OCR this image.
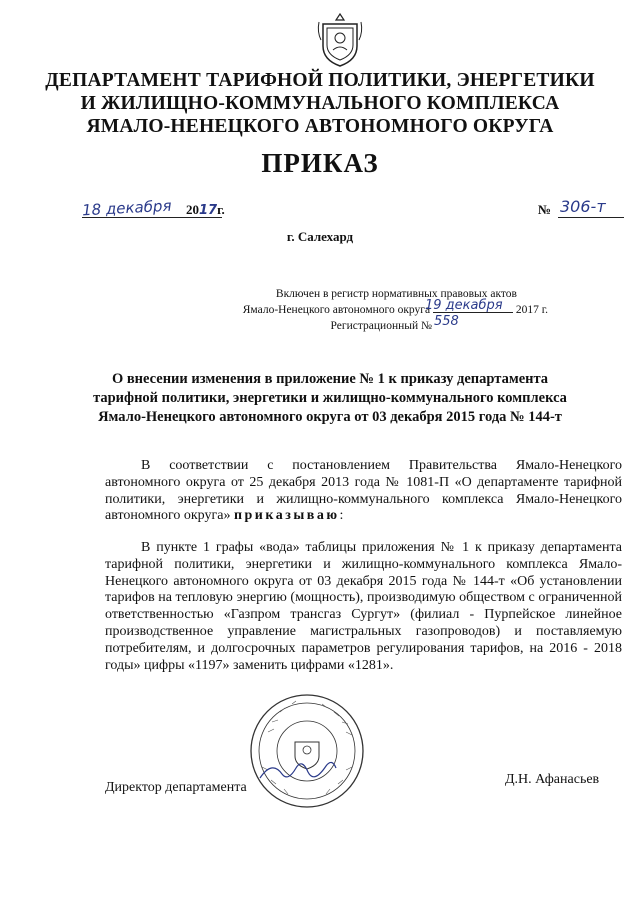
ДЕПАРТАМЕНТ ТАРИФНОЙ ПОЛИТИКИ, ЭНЕРГЕТИКИ
И ЖИЛИЩНО-КОММУНАЛЬНОГО КОМПЛЕКСА
ЯМАЛО-НЕНЕЦКОГО АВТОНОМНОГО ОКРУГА
ПРИКАЗ
18 декабря 2017г.	№ 306-т
г. Салехард
Включен в регистр нормативных правовых актов
Ямало-Ненецкого автономного округа	2017 г.
19 декабря
Регистрационный № 558
О внесении изменения в приложение № 1 к приказу департамента
тарифной политики, энергетики и жилищно-коммунального комплекса
Ямало-Ненецкого автономного округа от 03 декабря 2015 года № 144-т
В соответствии с постановлением Правительства Ямало-Ненецкого автономного округа от 25 декабря 2013 года № 1081-П «О департаменте тарифной политики, энергетики и жилищно-коммунального комплекса Ямало-Ненецкого автономного округа» приказываю:
В пункте 1 графы «вода» таблицы приложения № 1 к приказу департамента тарифной политики, энергетики и жилищно-коммунального комплекса Ямало-Ненецкого автономного округа от 03 декабря 2015 года № 144-т «Об установлении тарифов на тепловую энергию (мощность), производимую обществом с ограниченной ответственностью «Газпром трансгаз Сургут» (филиал - Пурпейское линейное производственное управление магистральных газопроводов) и поставляемую потребителям, и долгосрочных параметров регулирования тарифов, на 2016 - 2018 годы» цифры «1197» заменить цифрами «1281».
Директор департамента
Д.Н. Афанасьев
